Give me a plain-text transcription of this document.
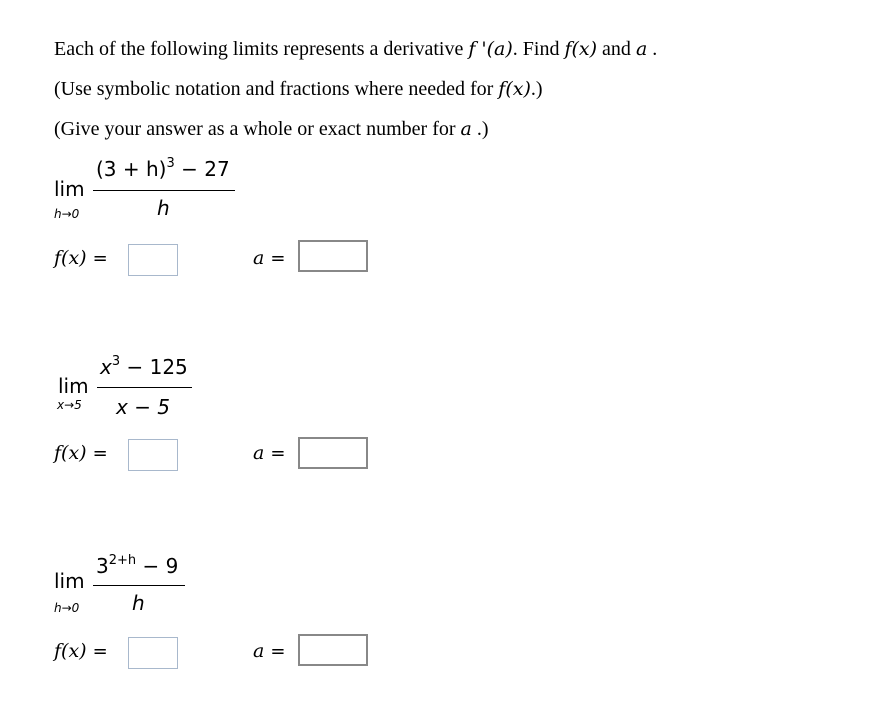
Each of the following limits represents a derivative f '(a). Find f(x) and a .
(Use symbolic notation and fractions where needed for f(x).)
(Give your answer as a whole or exact number for a .)
lim
h→0
$(3 + h)^3 - 27$
h
f(x) =	a =
lim
x→5
$x^3 - 125$
x − 5
f(x) =	a =
lim
h→0
$3^{2+h} - 9$
h
f(x) =	a =
